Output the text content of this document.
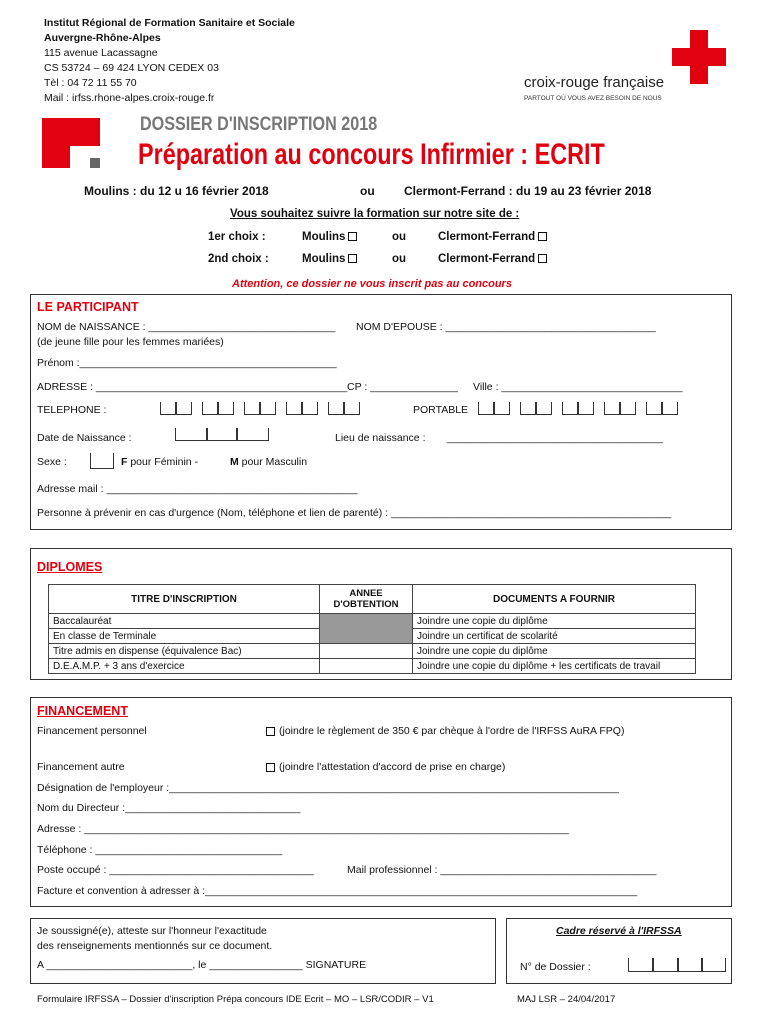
Institut Régional de Formation Sanitaire et Sociale
Auvergne-Rhône-Alpes
115 avenue Lacassagne
CS 53724 – 69 424 LYON CEDEX 03
Tèl : 04 72 11 55 70
Mail : irfss.rhone-alpes.croix-rouge.fr
croix-rouge française
PARTOUT OÙ VOUS AVEZ BESOIN DE NOUS
DOSSIER D'INSCRIPTION 2018
Préparation au concours Infirmier : ECRIT
Moulins : du 12 u 16 février 2018	ou Clermont-Ferrand : du 19 au 23 février 2018
Vous souhaitez suivre la formation sur notre site de :
1er choix :	Moulins	ou	Clermont-Ferrand
2nd choix :	Moulins	ou	Clermont-Ferrand
Attention, ce dossier ne vous inscrit pas au concours
LE PARTICIPANT
NOM de NAISSANCE : ________________________________ NOM D'EPOUSE : ____________________________________
(de jeune fille pour les femmes mariées)
Prénom :____________________________________________
ADRESSE : ___________________________________________CP : _______________ Ville : _______________________________
TELEPHONE :	PORTABLE
Date de Naissance :	Lieu de naissance : _____________________________________
Sexe :	F pour Féminin -	M pour Masculin
Adresse mail : ___________________________________________
Personne à prévenir en cas d'urgence (Nom, téléphone et lien de parenté) : ________________________________________________
DIPLOMES
TITRE D'INSCRIPTION	ANNEE D'OBTENTION	DOCUMENTS A FOURNIR
Baccalauréat		Joindre une copie du diplôme
En classe de Terminale		Joindre un certificat de scolarité
Titre admis en dispense (équivalence Bac)		Joindre une copie du diplôme
D.E.A.M.P. + 3 ans d'exercice		Joindre une copie du diplôme + les certificats de travail
FINANCEMENT
Financement personnel	(joindre le règlement de 350 € par chèque à l'ordre de l'IRFSS AuRA FPQ)
Financement autre	(joindre l'attestation d'accord de prise en charge)
Désignation de l'employeur :_____________________________________________________________________________
Nom du Directeur :______________________________
Adresse : ___________________________________________________________________________________
Téléphone : ________________________________
Poste occupé : ___________________________________	Mail professionnel : _____________________________________
Facture et convention à adresser à :__________________________________________________________________________
Je soussigné(e), atteste sur l'honneur l'exactitude
des renseignements mentionnés sur ce document.
A _________________________, le ________________ SIGNATURE
Cadre réservé à l'IRFSSA
N° de Dossier :
Formulaire IRFSSA – Dossier d'inscription Prépa concours IDE Ecrit – MO – LSR/CODIR – V1	MAJ LSR – 24/04/2017
